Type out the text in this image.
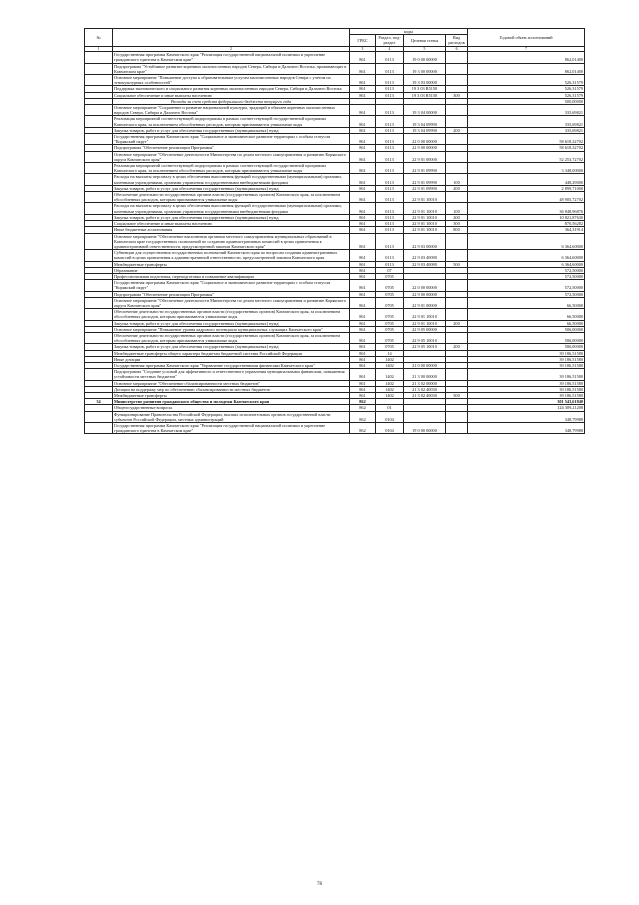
№		коды				Годовой объем ассигнований
		ГРБС	Раздел, под-раздел	Целевая статья	Вид расходов	
1	2	3	4	5	6	7
	Государственная программа Камчатского края "Реализация государственной национальной политики и укрепление гражданского единства в Камчатском крае"	861	0113	19 0 00 00000		862,01400
	Подпрограмма "Устойчивое развитие коренных малочисленных народов Севера, Сибири и Дальнего Востока, проживающих в Камчатском крае"	861	0113	19 3 00 00000		862,01400
	Основное мероприятие "Повышение доступа к образовательным услугам малочисленных народов Севера с учетом их этнокультурных особенностей"	861	0113	19 3 03 00000		526,31579
	Поддержка экономического и социального развития коренных малочисленных народов Севера, Сибири и Дальнего Востока	861	0113	19 3 03 R5150		526,31579
	Социальное обеспечение и иные выплаты населению	861	0113	19 3 03 R5150	300	526,31579
	Расходы за счет средств федерального бюджета текущего года					500,00000
	Основное мероприятие "Сохранение и развитие национальной культуры, традиций и обычаев коренных малочисленных народов Севера, Сибири и Дальнего Востока"	861	0113	19 3 04 00000		335,69821
	Реализация мероприятий соответствующей подпрограммы в рамках соответствующей государственной программы Камчатского края, за исключением обособленных расходов, которым присваиваются уникальные коды	861	0113	19 3 04 09990		335,69821
	Закупка товаров, работ и услуг для обеспечения государственных (муниципальных) нужд	861	0113	19 3 04 09990	200	335,69821
	Государственная программа Камчатского края "Социальное и экономическое развитие территории с особым статусом "Корякский округ"	861	0113	22 0 00 00000		58 618,32702
	Подпрограмма "Обеспечение реализации Программы"	861	0113	22 9 00 00000		58 618,32702
	Основное мероприятие "Обеспечение деятельности Министерства по делам местного самоуправления и развитию Корякского округа Камчатского края"	861	0113	22 9 01 00000		52 253,72702
	Реализация мероприятий соответствующей подпрограммы в рамках соответствующей государственной программы Камчатского края, за исключением обособленных расходов, которым присваиваются уникальные коды	861	0113	22 9 01 09990		3 348,00000
	Расходы на выплаты персоналу в целях обеспечения выполнения функций государственными (муниципальными) органами, казенными учреждениями, органами управления государственными внебюджетными фондами	861	0113	22 9 01 09990	100	448,29000
	Закупка товаров, работ и услуг для обеспечения государственных (муниципальных) нужд	861	0113	22 9 01 09990	200	2 899,71000
	Обеспечение деятельности государственных органов власти (государственных органов) Камчатского края, за исключением обособленных расходов, которым присваиваются уникальные коды	861	0113	22 9 01 10010		48 905,72702
	Расходы на выплаты персоналу в целях обеспечения выполнения функций государственными (муниципальными) органами, казенными учреждениями, органами управления государственными внебюджетными фондами	861	0113	22 9 01 10010	100	36 848,96876
	Закупка товаров, работ и услуг для обеспечения государственных (муниципальных) нужд	861	0113	22 9 01 10010	200	10 821,87630
	Социальное обеспечение и иные выплаты населению	861	0113	22 9 01 10010	300	870,56282
	Иные бюджетные ассигнования	861	0113	22 9 01 10010	800	364,31914
	Основное мероприятие "Обеспечение выполнения органами местного самоуправления муниципальных образований в Камчатском крае государственных полномочий по созданию административных комиссий в целях привлечения к административной ответственности, предусмотренной законом Камчатского края"	861	0113	22 9 03 00000		6 364,60000
	Субвенции для осуществления государственных полномочий Камчатского края по вопросам создания административных комиссий в целях привлечения к административной ответственности, предусмотренной законом Камчатского края	861	0113	22 9 03 40080		6 364,60000
	Межбюджетные трансферты	861	0113	22 9 03 40080	500	6 364,60000
	Образование	861	07			572,50000
	Профессиональная подготовка, переподготовка и повышение квалификации	861	0705			572,50000
	Государственная программа Камчатского края "Социальное и экономическое развитие территории с особым статусом "Корякский округ"	861	0705	22 0 00 00000		572,50000
	Подпрограмма "Обеспечение реализации Программы"	861	0705	22 9 00 00000		572,50000
	Основное мероприятие "Обеспечение деятельности Министерства по делам местного самоуправления и развитию Корякского округа Камчатского края"	861	0705	22 9 01 00000		66,50000
	Обеспечение деятельности государственных органов власти (государственных органов) Камчатского края, за исключением обособленных расходов, которым присваиваются уникальные коды	861	0705	22 9 01 10010		66,50000
	Закупка товаров, работ и услуг для обеспечения государственных (муниципальных) нужд	861	0705	22 9 01 10010	200	66,50000
	Основное мероприятие "Повышение уровня кадрового потенциала муниципальных служащих Камчатского края"	861	0705	22 9 05 00000		506,00000
	Обеспечение деятельности государственных органов власти (государственных органов) Камчатского края, за исключением обособленных расходов, которым присваиваются уникальные коды	861	0705	22 9 05 10010		506,00000
	Закупка товаров, работ и услуг для обеспечения государственных (муниципальных) нужд	861	0705	22 9 05 10010	200	506,00000
	Межбюджетные трансферты общего характера бюджетам бюджетной системы Российской Федерации	861	14			39 186,51580
	Иные дотации	861	1402			39 186,51580
	Государственная программа Камчатского края "Управление государственными финансами Камчатского края"	861	1402	21 0 00 00000		39 186,51580
	Подпрограмма "Создание условий для эффективного и ответственного управления муниципальными финансами, повышения устойчивости местных бюджетов"	861	1402	21 3 00 00000		39 186,51580
	Основное мероприятие "Обеспечение сбалансированности местных бюджетов"	861	1402	21 3 02 00000		39 186,51580
	Дотации на поддержку мер по обеспечению сбалансированности местных бюджетов	861	1402	21 3 02 40030		39 186,51580
	Межбюджетные трансферты	861	1402	21 3 02 40030	500	39 186,51580
34	Министерство развития гражданского общества и молодежи Камчатского края	862				301 543,61840
	Общегосударственные вопросы	862	01			124 309,21208
	Функционирование Правительства Российской Федерации, высших исполнительных органов государственной власти субъектов Российской Федерации, местных администраций	862	0104			348,79988
	Государственная программа Камчатского края "Реализация государственной национальной политики и укрепление гражданского единства в Камчатском крае"	862	0104	19 0 00 00000		348,79988
78
